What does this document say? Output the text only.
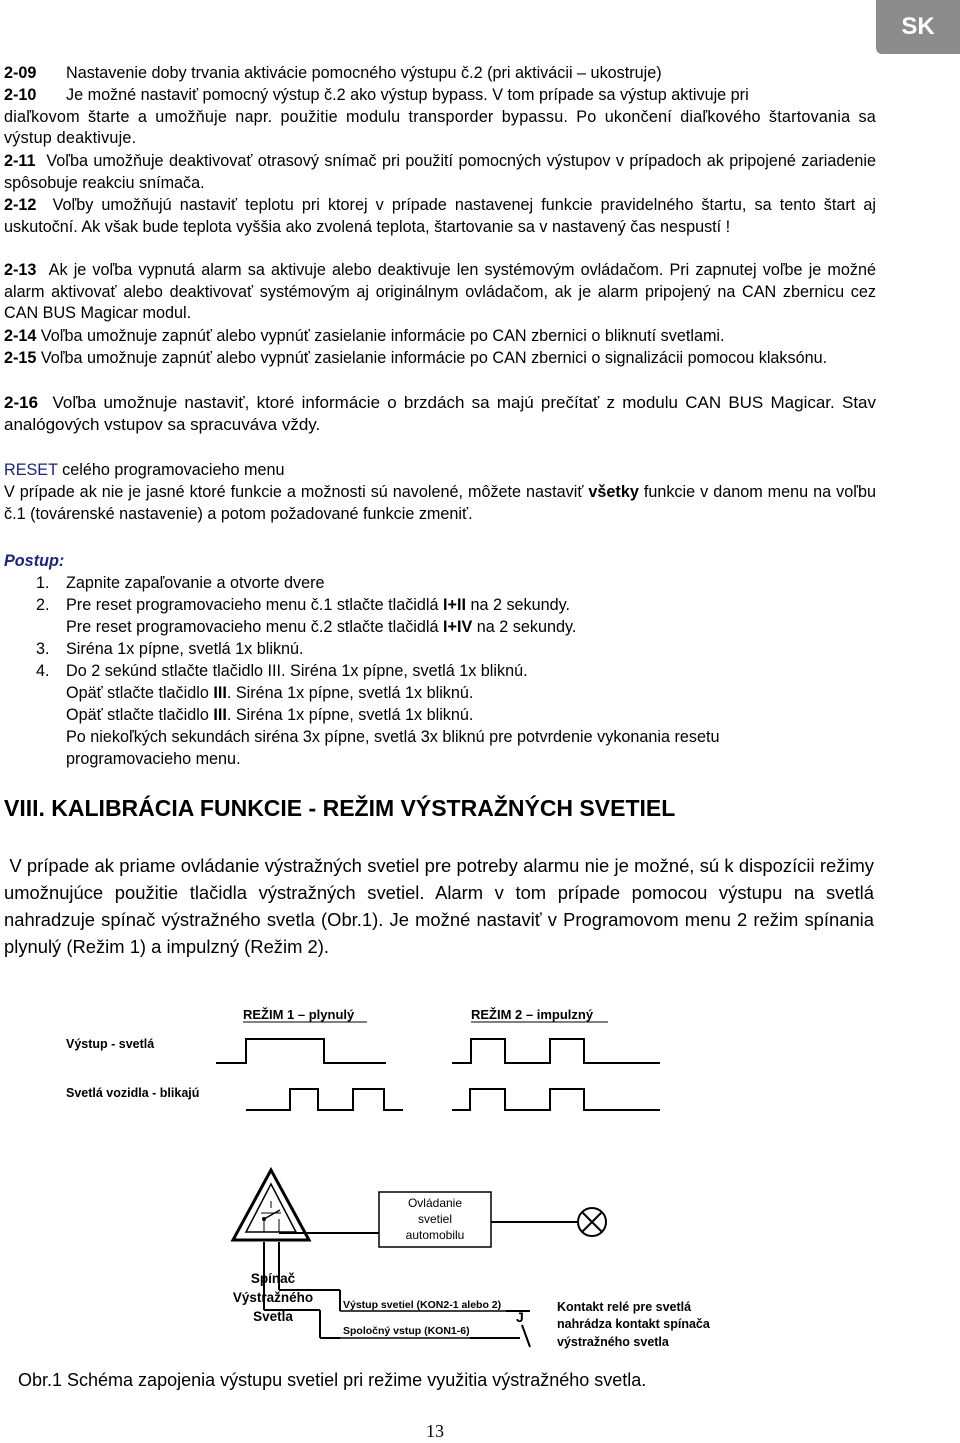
SK
2-09 Nastavenie doby trvania aktivácie pomocného výstupu č.2 (pri aktivácii – ukostruje)
2-10 Je možné nastaviť pomocný výstup č.2 ako výstup bypass. V tom prípade sa výstup aktivuje pri
diaľkovom štarte a umožňuje napr. použitie modulu transporder bypassu. Po ukončení diaľkového štartovania sa výstup deaktivuje.
2-11 Voľba umožňuje deaktivovať otrasový snímač pri použití pomocných výstupov v prípadoch ak pripojené zariadenie spôsobuje reakciu snímača.
2-12 Voľby umožňujú nastaviť teplotu pri ktorej v prípade nastavenej funkcie pravidelného štartu, sa tento štart aj uskutoční. Ak však bude teplota vyššia ako zvolená teplota, štartovanie sa v nastavený čas nespustí !
2-13 Ak je voľba vypnutá alarm sa aktivuje alebo deaktivuje len systémovým ovládačom. Pri zapnutej voľbe je možné alarm aktivovať alebo deaktivovať systémovým aj originálnym ovládačom, ak je alarm pripojený na CAN zbernicu cez CAN BUS Magicar modul.
2-14 Voľba umožnuje zapnúť alebo vypnúť zasielanie informácie po CAN zbernici o bliknutí svetlami.
2-15 Voľba umožnuje zapnúť alebo vypnúť zasielanie informácie po CAN zbernici o signalizácii pomocou klaksónu.
2-16 Voľba umožnuje nastaviť, ktoré informácie o brzdách sa majú prečítať z modulu CAN BUS Magicar. Stav analógových vstupov sa spracuváva vždy.
RESET celého programovacieho menu
V prípade ak nie je jasné ktoré funkcie a možnosti sú navolené, môžete nastaviť všetky funkcie v danom menu na voľbu č.1 (továrenské nastavenie) a potom požadované funkcie zmeniť.
Postup:
1. Zapnite zapaľovanie a otvorte dvere
2. Pre reset programovacieho menu č.1 stlačte tlačidlá I+II na 2 sekundy.
Pre reset programovacieho menu č.2 stlačte tlačidlá I+IV na 2 sekundy.
3. Siréna 1x pípne, svetlá 1x bliknú.
4. Do 2 sekúnd stlačte tlačidlo III. Siréna 1x pípne, svetlá 1x bliknú.
Opäť stlačte tlačidlo III. Siréna 1x pípne, svetlá 1x bliknú.
Opäť stlačte tlačidlo III. Siréna 1x pípne, svetlá 1x bliknú.
Po niekoľkých sekundách siréna 3x pípne, svetlá 3x bliknú pre potvrdenie vykonania resetu programovacieho menu.
VIII. KALIBRÁCIA FUNKCIE - REŽIM VÝSTRAŽNÝCH SVETIEL
V prípade ak priame ovládanie výstražných svetiel pre potreby alarmu nie je možné, sú k dispozícii režimy umožnujúce použitie tlačidla výstražných svetiel. Alarm v tom prípade pomocou výstupu na svetlá nahradzuje spínač výstražného svetla (Obr.1). Je možné nastaviť v Programovom menu 2 režim spínania plynulý (Režim 1) a impulzný (Režim 2).
REŽIM 1 – plynulý	REŽIM 2 – impulzný
Výstup - svetlá
Svetlá vozidla - blikajú
Ovládanie
svetiel
automobilu
Spínač
Výstražného
Svetla
Výstup svetiel (KON2-1 alebo 2)
Spoločný vstup (KON1-6)
J
Kontakt relé pre svetlá
nahrádza kontakt spínača
výstražného svetla
Obr.1 Schéma zapojenia výstupu svetiel pri režime využitia výstražného svetla.
13
